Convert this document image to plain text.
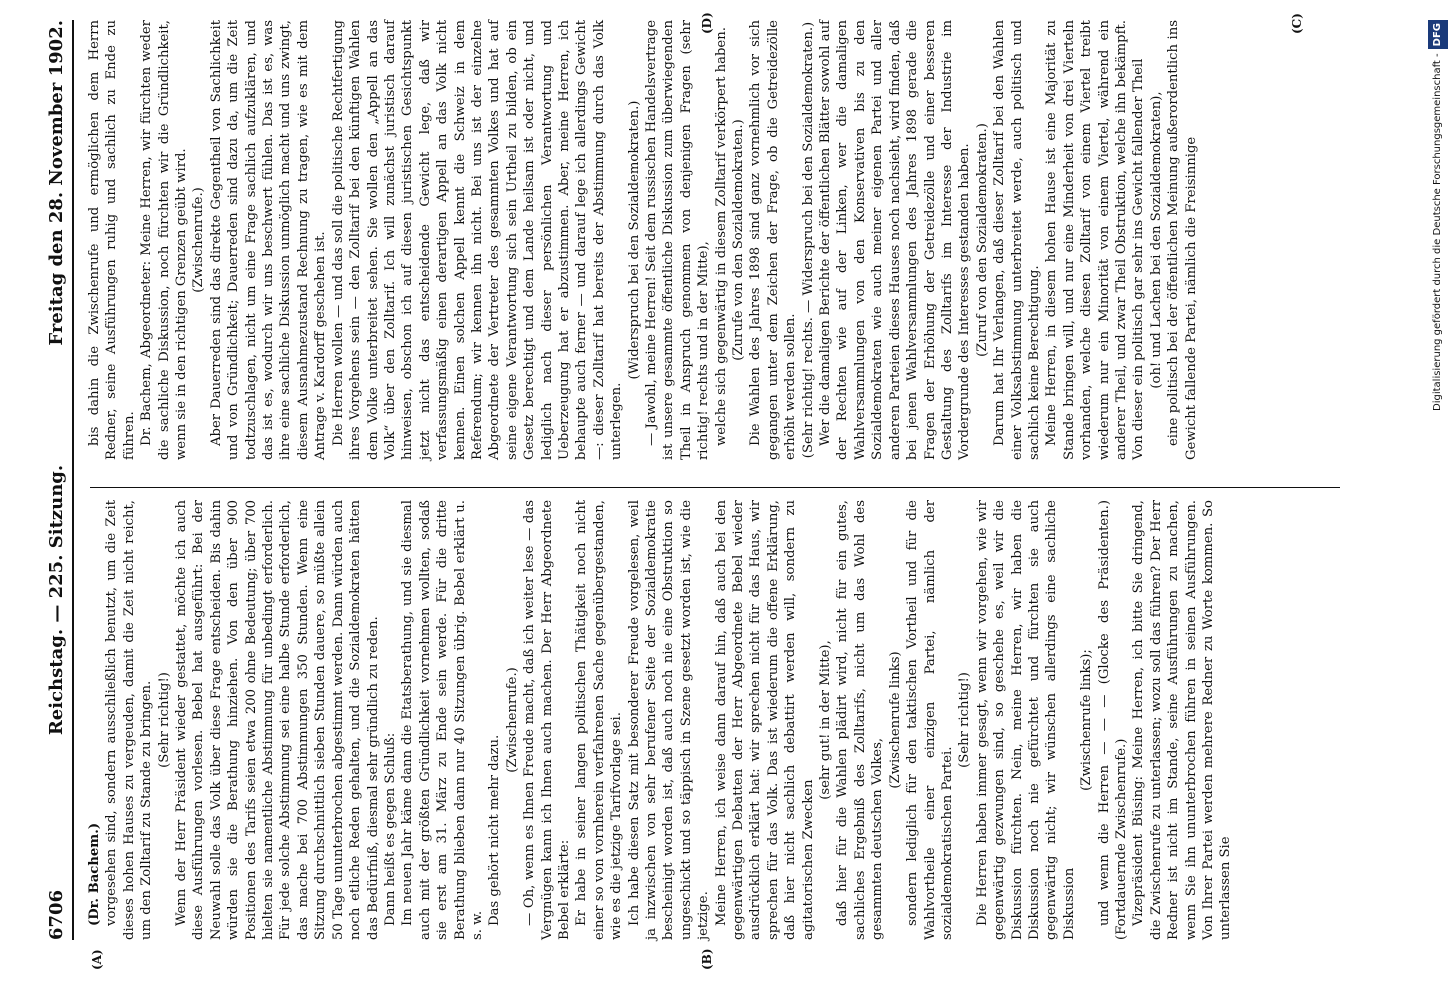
6706
Reichstag. — 225. Sitzung.
Freitag den 28. November 1902.
(A)	(B)
(C)
(D)

(Dr. Bachem.) vorgesehen sind, sondern ausschließlich benutzt, um die Zeit dieses hohen Hauses zu vergeuden, damit die Zeit nicht reicht, um den Zolltarif zu Stande zu bringen. (Sehr richtig!) Wenn der Herr Präsident wieder gestattet, möchte ich auch diese Ausführungen vorlesen. Bebel hat ausgeführt: Bei der Neuwahl solle das Volk über diese Frage entscheiden. Bis dahin würden sie die Berathung hinziehen. Von den über 900 Positionen des Tarifs seien etwa 200 ohne Bedeutung; über 700 hielten sie namentliche Abstimmung für unbedingt erforderlich. Für jede solche Abstimmung sei eine halbe Stunde erforderlich, das mache bei 700 Abstimmungen 350 Stunden. Wenn eine Sitzung durchschnittlich sieben Stunden dauere, so müßte allein 50 Tage ununterbrochen abgestimmt werden. Dann würden auch noch etliche Reden gehalten, und die Sozialdemokraten hätten das Bedürfniß, diesmal sehr gründlich zu reden. Dann heißt es gegen Schluß: Im neuen Jahr käme dann die Etatsberathung, und sie diesmal auch mit der größten Gründlichkeit vornehmen wollten, sodaß sie erst am 31. März zu Ende sein werde. Für die dritte Berathung blieben dann nur 40 Sitzungen übrig. Bebel erklärt u. s. w. Das gehört nicht mehr dazu.

(Zwischenrufe.) — Oh, wenn es Ihnen Freude macht, daß ich weiter lese — das Vergnügen kann ich Ihnen auch machen. Der Herr Abgeordnete Bebel erklärte: Er habe in seiner langen politischen Thätigkeit noch nicht einer so von vornherein verfahrenen Sache gegenübergestanden, wie es die jetzige Tarifvorlage sei. Ich habe diesen Satz mit besonderer Freude vorgelesen, weil ja inzwischen von sehr berufener Seite der Sozialdemokratie bescheinigt worden ist, daß auch noch nie eine Obstruktion so ungeschickt und so täppisch in Szene gesetzt worden ist, wie die jetzige. Meine Herren, ich weise dann darauf hin, daß auch bei den gegenwärtigen Debatten der Herr Abgeordnete Bebel wieder ausdrücklich erklärt hat: wir sprechen nicht für das Haus, wir sprechen für das Volk. Das ist wiederum die offene Erklärung, daß hier nicht sachlich debattirt werden will, sondern zu agitatorischen Zwecken

(sehr gut! in der Mitte), daß hier für die Wahlen plädirt wird, nicht für ein gutes, sachliches Ergebniß des Zolltarifs, nicht um das Wohl des gesammten deutschen Volkes,

(Zwischenrufe links) sondern lediglich für den taktischen Vortheil und für die Wahlvortheile einer einzigen Partei, nämlich der sozialdemokratischen Partei.

(Sehr richtig!) Die Herren haben immer gesagt, wenn wir vorgehen, wie wir gegenwärtig gezwungen sind, so geschehe es, weil wir die Diskussion fürchten. Nein, meine Herren, wir haben die Diskussion noch nie gefürchtet und fürchten sie auch gegenwärtig nicht; wir wünschen allerdings eine sachliche Diskussion

(Zwischenrufe links); und wenn die Herren — — — (Glocke des Präsidenten.) (Fortdauernde Zwischenrufe.) Vizepräsident Büsing: Meine Herren, ich bitte Sie dringend, die Zwischenrufe zu unterlassen; wozu soll das führen? Der Herr Redner ist nicht im Stande, seine Ausführungen zu machen, wenn Sie ihn ununterbrochen führen in seinen Ausführungen. Von Ihrer Partei werden mehrere Redner zu Worte kommen. So unterlassen Sie

bis dahin die Zwischenrufe und ermöglichen dem Herrn Redner, seine Ausführungen ruhig und sachlich zu Ende zu führen. Dr. Bachem, Abgeordneter: Meine Herren, wir fürchten weder die sachliche Diskussion, noch fürchten wir die Gründlichkeit, wenn sie in den richtigen Grenzen geübt wird. (Zwischenrufe.) Aber Dauerreden sind das direkte Gegentheil von Sachlichkeit und von Gründlichkeit; Dauerreden sind dazu da, um die Zeit todtzuschlagen, nicht um eine Frage sachlich aufzuklären, und das ist es, wodurch wir uns beschwert fühlen. Das ist es, was ihre eine sachliche Diskussion unmöglich macht und uns zwingt, diesem Ausnahmezustand Rechnung zu tragen, wie es mit dem Antrage v. Kardorff geschehen ist. Die Herren wollen — und das soll die politische Rechtfertigung ihres Vorgehens sein — den Zolltarif bei den künftigen Wahlen dem Volke unterbreitet sehen. Sie wollen den „Appell an das Volk“ über den Zolltarif. Ich will zunächst juristisch darauf hinweisen, obschon ich auf diesen juristischen Gesichtspunkt jetzt nicht das entscheidende Gewicht lege, daß wir verfassungsmäßig einen derartigen Appell an das Volk nicht kennen. Einen solchen Appell kennt die Schweiz in dem Referendum; wir kennen ihn nicht. Bei uns ist der einzelne Abgeordnete der Vertreter des gesammten Volkes und hat auf seine eigene Verantwortung sich sein Urtheil zu bilden, ob ein Gesetz berechtigt und dem Lande heilsam ist oder nicht, und lediglich nach dieser persönlichen Verantwortung und Ueberzeugung hat er abzustimmen. Aber, meine Herren, ich behaupte auch ferner — und darauf lege ich allerdings Gewicht —: dieser Zolltarif hat bereits der Abstimmung durch das Volk unterlegen.

(Widerspruch bei den Sozialdemokraten.) — Jawohl, meine Herren! Seit dem russischen Handelsvertrage ist unsere gesammte öffentliche Diskussion zum überwiegenden Theil in Anspruch genommen von denjenigen Fragen (sehr richtig! rechts und in der Mitte), welche sich gegenwärtig in diesem Zolltarif verkörpert haben. (Zurufe von den Sozialdemokraten.) Die Wahlen des Jahres 1898 sind ganz vornehmlich vor sich gegangen unter dem Zeichen der Frage, ob die Getreidezölle erhöht werden sollen. (Sehr richtig! rechts. — Widerspruch bei den Sozialdemokraten.) Wer die damaligen Berichte der öffentlichen Blätter sowohl auf der Rechten wie auf der Linken, wer die damaligen Wahlversammlungen von den Konservativen bis zu den Sozialdemokraten wie auch meiner eigenen Partei und aller anderen Parteien dieses Hauses noch nachsieht, wird finden, daß bei jenen Wahlversammlungen des Jahres 1898 gerade die Fragen der Erhöhung der Getreidezölle und einer besseren Gestaltung des Zolltarifs im Interesse der Industrie im Vordergrunde des Interesses gestanden haben. (Zuruf von den Sozialdemokraten.) Darum hat Ihr Verlangen, daß dieser Zolltarif bei den Wahlen einer Volksabstimmung unterbreitet werde, auch politisch und sachlich keine Berechtigung. Meine Herren, in diesem hohen Hause ist eine Majorität zu Stande bringen will, und nur eine Minderheit von drei Vierteln vorhanden, welche diesen Zolltarif von einem Viertel treibt wiederum nur ein Minorität von einem Viertel, während ein anderer Theil, und zwar Theil Obstruktion, welche ihn bekämpft. Von dieser ein politisch gar sehr ins Gewicht fallender Theil (oh! und Lachen bei den Sozialdemokraten), eine politisch bei der öffentlichen Meinung außerordentlich ins Gewicht fallende Partei, nämlich die Freisinnige	Digitalisierung gefördert durch die Deutsche Forschungsgemeinschaft -DFG
